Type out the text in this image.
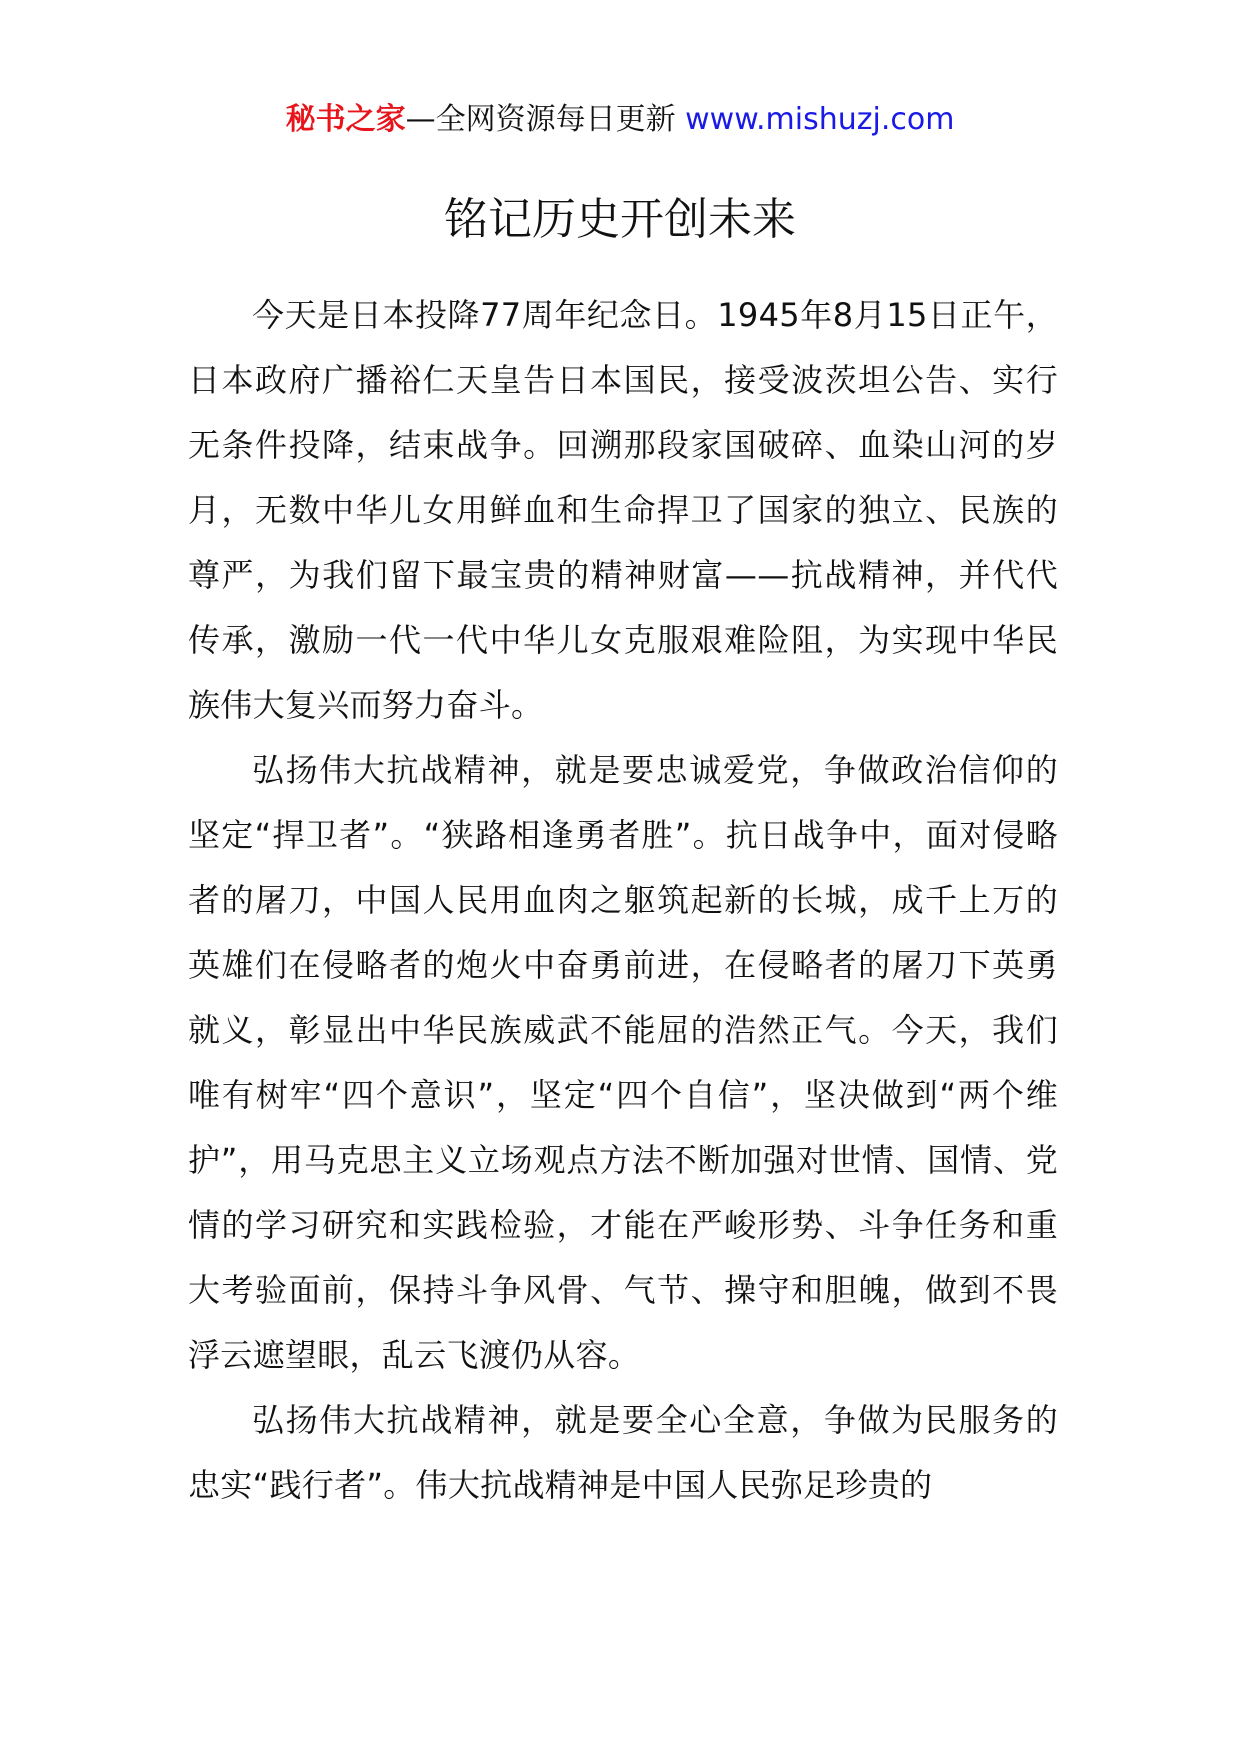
秘书之家—全网资源每日更新 www.mishuzj.com
铭记历史开创未来

今天是日本投降77周年纪念日。1945年8月15日正午，日本政府广播裕仁天皇告日本国民，接受波茨坦公告、实行无条件投降，结束战争。回溯那段家国破碎、血染山河的岁月，无数中华儿女用鲜血和生命捍卫了国家的独立、民族的尊严，为我们留下最宝贵的精神财富——抗战精神，并代代传承，激励一代一代中华儿女克服艰难险阻，为实现中华民族伟大复兴而努力奋斗。

弘扬伟大抗战精神，就是要忠诚爱党，争做政治信仰的坚定“捍卫者”。“狭路相逢勇者胜”。抗日战争中，面对侵略者的屠刀，中国人民用血肉之躯筑起新的长城，成千上万的英雄们在侵略者的炮火中奋勇前进，在侵略者的屠刀下英勇就义，彰显出中华民族威武不能屈的浩然正气。今天，我们唯有树牢“四个意识”，坚定“四个自信”，坚决做到“两个维护”，用马克思主义立场观点方法不断加强对世情、国情、党情的学习研究和实践检验，才能在严峻形势、斗争任务和重大考验面前，保持斗争风骨、气节、操守和胆魄，做到不畏浮云遮望眼，乱云飞渡仍从容。

弘扬伟大抗战精神，就是要全心全意，争做为民服务的忠实“践行者”。伟大抗战精神是中国人民弥足珍贵的
